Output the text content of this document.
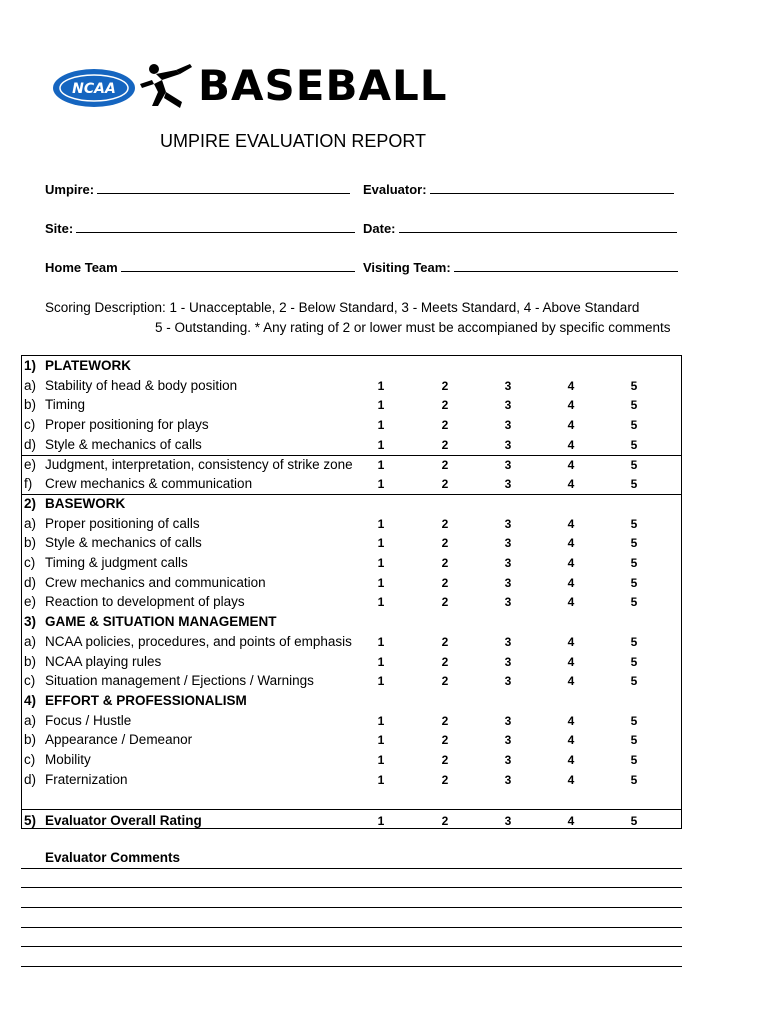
NCAA BASEBALL
UMPIRE EVALUATION REPORT
Umpire:	Evaluator:
Site:	Date:
Home Team	Visiting Team:
Scoring Description: 1 - Unacceptable, 2 - Below Standard, 3 - Meets Standard, 4 - Above Standard
5 - Outstanding. * Any rating of 2 or lower must be accompianed by specific comments
1) PLATEWORK
a) Stability of head & body position	1	2	3	4	5
b) Timing	1	2	3	4	5
c) Proper positioning for plays	1	2	3	4	5
d) Style & mechanics of calls	1	2	3	4	5
e) Judgment, interpretation, consistency of strike zone	1	2	3	4	5
f) Crew mechanics & communication	1	2	3	4	5
2) BASEWORK
a) Proper positioning of calls	1	2	3	4	5
b) Style & mechanics of calls	1	2	3	4	5
c) Timing & judgment calls	1	2	3	4	5
d) Crew mechanics and communication	1	2	3	4	5
e) Reaction to development of plays	1	2	3	4	5
3) GAME & SITUATION MANAGEMENT
a) NCAA policies, procedures, and points of emphasis	1	2	3	4	5
b) NCAA playing rules	1	2	3	4	5
c) Situation management / Ejections / Warnings	1	2	3	4	5
4) EFFORT & PROFESSIONALISM
a) Focus / Hustle	1	2	3	4	5
b) Appearance / Demeanor	1	2	3	4	5
c) Mobility	1	2	3	4	5
d) Fraternization	1	2	3	4	5
5) Evaluator Overall Rating	1	2	3	4	5
Evaluator Comments
